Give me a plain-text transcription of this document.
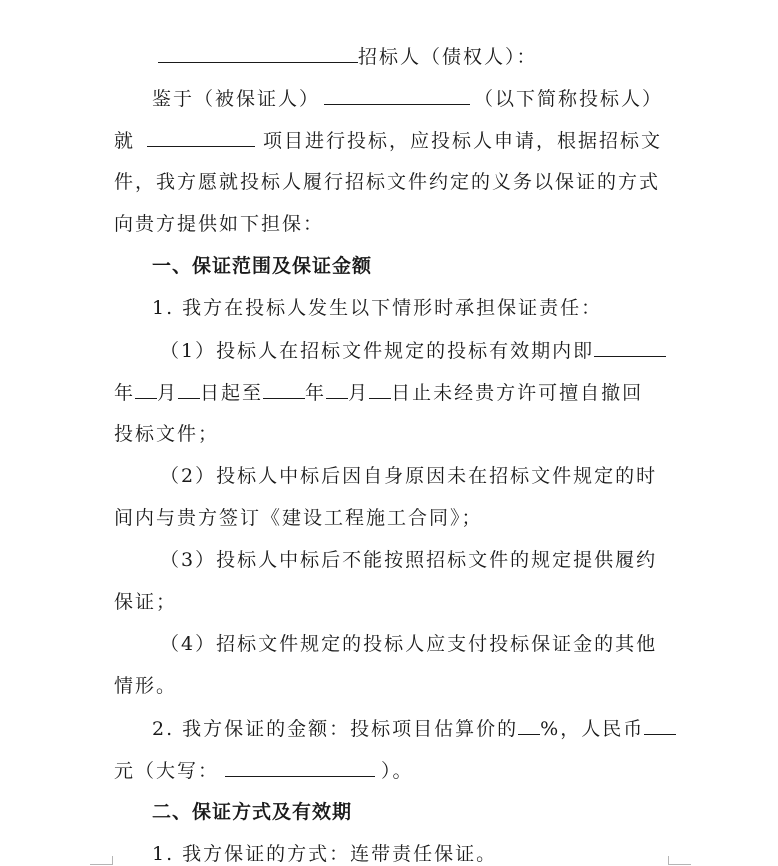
招标人（债权人）：
鉴于（被保证人）	（以下简称投标人）
就	项目进行投标，应投标人申请，根据招标文
件，我方愿就投标人履行招标文件约定的义务以保证的方式
向贵方提供如下担保：
一、保证范围及保证金额
1. 我方在投标人发生以下情形时承担保证责任：
（1）投标人在招标文件规定的投标有效期内即
年 月 日起至 年 月 日止未经贵方许可擅自撤回
投标文件；
（2）投标人中标后因自身原因未在招标文件规定的时
间内与贵方签订《建设工程施工合同》；
（3）投标人中标后不能按照招标文件的规定提供履约
保证；
（4）招标文件规定的投标人应支付投标保证金的其他
情形。
2. 我方保证的金额：投标项目估算价的 %，人民币
元（大写：	）。
二、保证方式及有效期
1. 我方保证的方式：连带责任保证。
